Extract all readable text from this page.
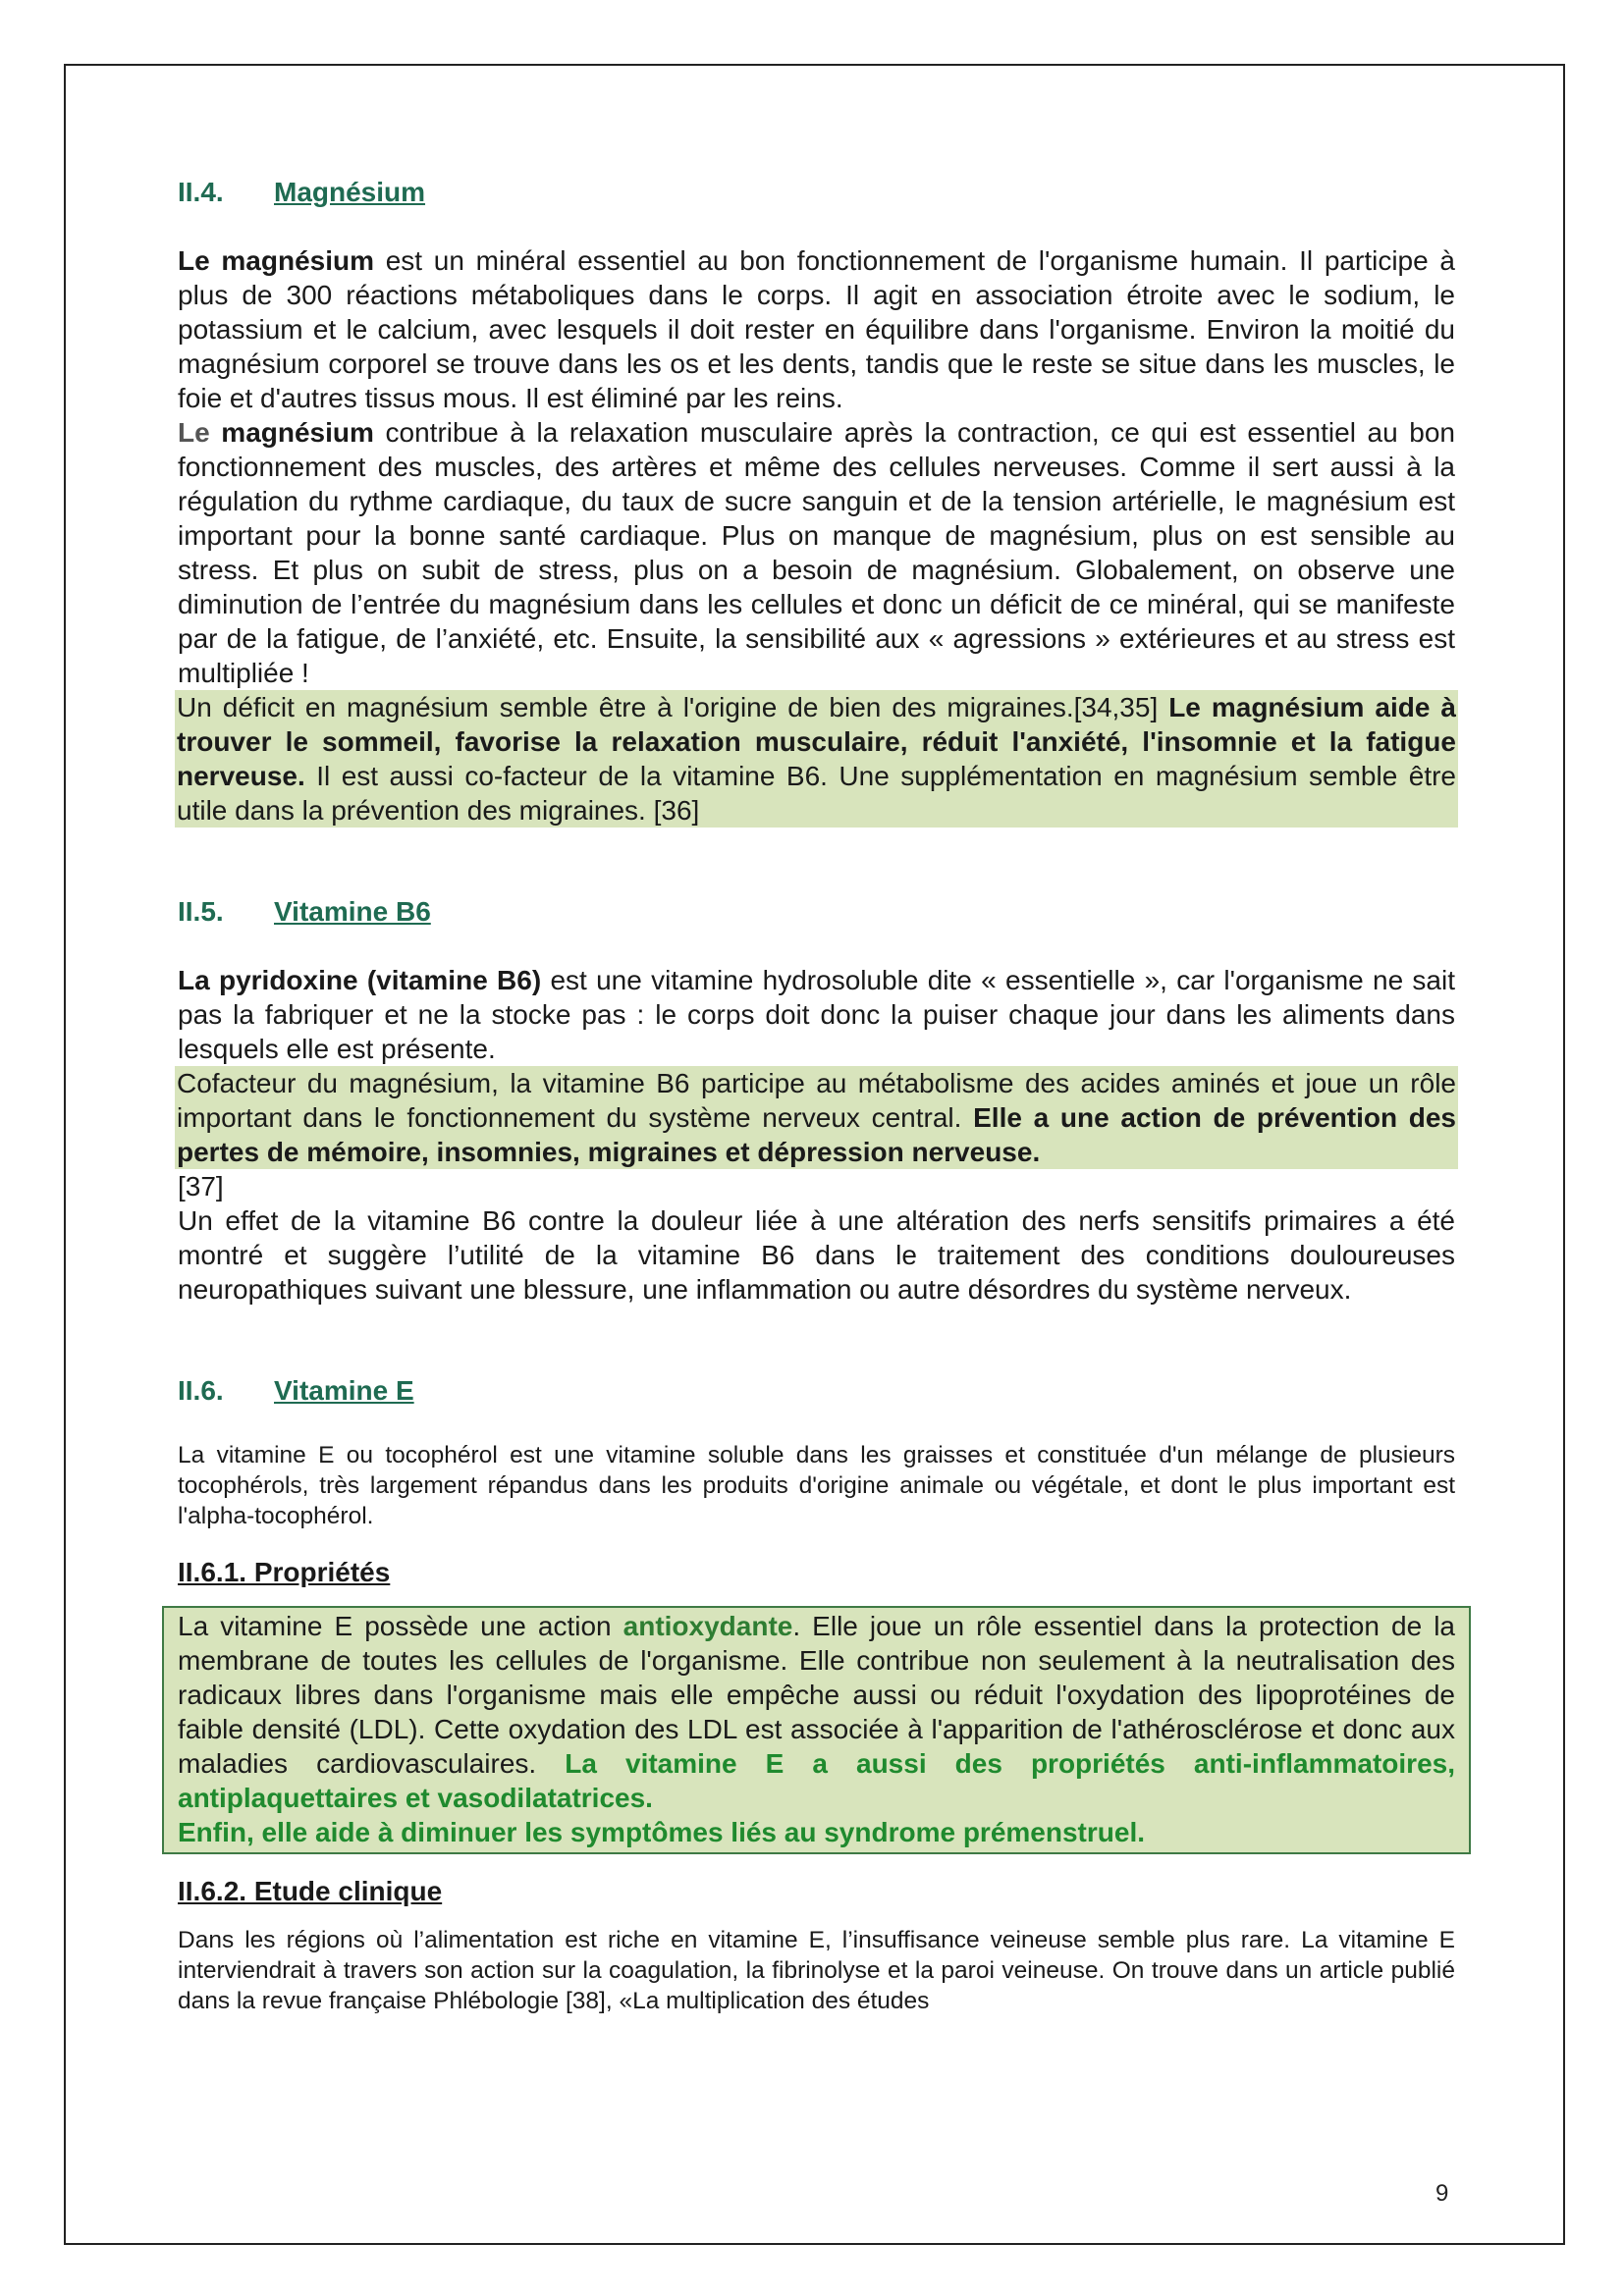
II.4. Magnésium

Le magnésium est un minéral essentiel au bon fonctionnement de l'organisme humain. Il participe à plus de 300 réactions métaboliques dans le corps. Il agit en association étroite avec le sodium, le potassium et le calcium, avec lesquels il doit rester en équilibre dans l'organisme. Environ la moitié du magnésium corporel se trouve dans les os et les dents, tandis que le reste se situe dans les muscles, le foie et d'autres tissus mous. Il est éliminé par les reins.

Le magnésium contribue à la relaxation musculaire après la contraction, ce qui est essentiel au bon fonctionnement des muscles, des artères et même des cellules nerveuses. Comme il sert aussi à la régulation du rythme cardiaque, du taux de sucre sanguin et de la tension artérielle, le magnésium est important pour la bonne santé cardiaque. Plus on manque de magnésium, plus on est sensible au stress. Et plus on subit de stress, plus on a besoin de magnésium. Globalement, on observe une diminution de l’entrée du magnésium dans les cellules et donc un déficit de ce minéral, qui se manifeste par de la fatigue, de l’anxiété, etc. Ensuite, la sensibilité aux « agressions » extérieures et au stress est multipliée !

Un déficit en magnésium semble être à l'origine de bien des migraines.[34,35] Le magnésium aide à trouver le sommeil, favorise la relaxation musculaire, réduit l'anxiété, l'insomnie et la fatigue nerveuse. Il est aussi co-facteur de la vitamine B6. Une supplémentation en magnésium semble être utile dans la prévention des migraines. [36]

II.5. Vitamine B6

La pyridoxine (vitamine B6) est une vitamine hydrosoluble dite « essentielle », car l'organisme ne sait pas la fabriquer et ne la stocke pas : le corps doit donc la puiser chaque jour dans les aliments dans lesquels elle est présente.

Cofacteur du magnésium, la vitamine B6 participe au métabolisme des acides aminés et joue un rôle important dans le fonctionnement du système nerveux central. Elle a une action de prévention des pertes de mémoire, insomnies, migraines et dépression nerveuse.

[37]

Un effet de la vitamine B6 contre la douleur liée à une altération des nerfs sensitifs primaires a été montré et suggère l’utilité de la vitamine B6 dans le traitement des conditions douloureuses neuropathiques suivant une blessure, une inflammation ou autre désordres du système nerveux.

II.6. Vitamine E

La vitamine E ou tocophérol est une vitamine soluble dans les graisses et constituée d'un mélange de plusieurs tocophérols, très largement répandus dans les produits d'origine animale ou végétale, et dont le plus important est l'alpha-tocophérol.

II.6.1. Propriétés

La vitamine E possède une action antioxydante. Elle joue un rôle essentiel dans la protection de la membrane de toutes les cellules de l'organisme. Elle contribue non seulement à la neutralisation des radicaux libres dans l'organisme mais elle empêche aussi ou réduit l'oxydation des lipoprotéines de faible densité (LDL). Cette oxydation des LDL est associée à l'apparition de l'athérosclérose et donc aux maladies cardiovasculaires. La vitamine E a aussi des propriétés anti-inflammatoires, antiplaquettaires et vasodilatatrices.
Enfin, elle aide à diminuer les symptômes liés au syndrome prémenstruel.

II.6.2. Etude clinique

Dans les régions où l’alimentation est riche en vitamine E, l’insuffisance veineuse semble plus rare. La vitamine E interviendrait à travers son action sur la coagulation, la fibrinolyse et la paroi veineuse. On trouve dans un article publié dans la revue française Phlébologie [38], «La multiplication des études

9
